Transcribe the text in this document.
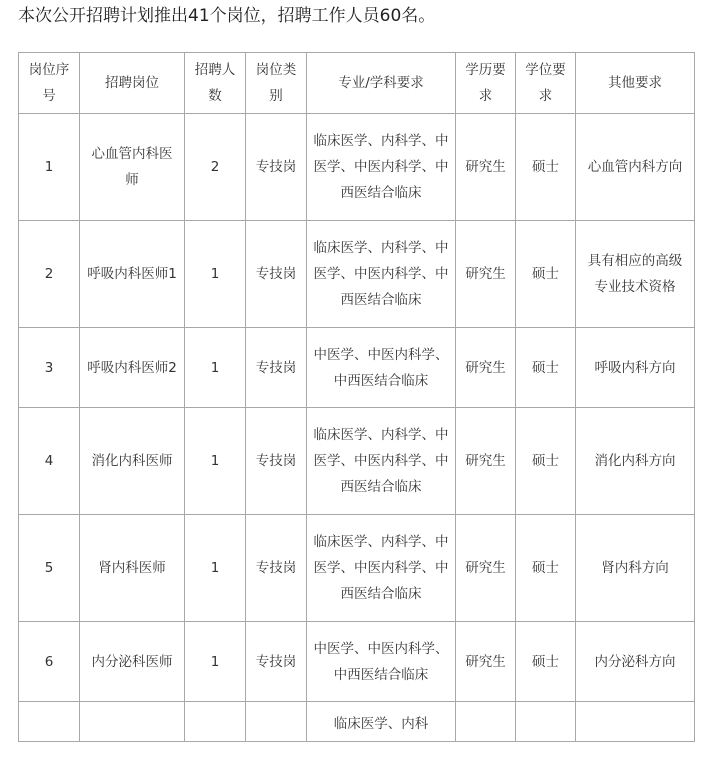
本次公开招聘计划推出41个岗位，招聘工作人员60名。
岗位序号	招聘岗位	招聘人数	岗位类别	专业/学科要求	学历要求	学位要求	其他要求
1	心血管内科医师	2	专技岗	临床医学、内科学、中医学、中医内科学、中西医结合临床	研究生	硕士	心血管内科方向
2	呼吸内科医师1	1	专技岗	临床医学、内科学、中医学、中医内科学、中西医结合临床	研究生	硕士	具有相应的高级专业技术资格
3	呼吸内科医师2	1	专技岗	中医学、中医内科学、中西医结合临床	研究生	硕士	呼吸内科方向
4	消化内科医师	1	专技岗	临床医学、内科学、中医学、中医内科学、中西医结合临床	研究生	硕士	消化内科方向
5	肾内科医师	1	专技岗	临床医学、内科学、中医学、中医内科学、中西医结合临床	研究生	硕士	肾内科方向
6	内分泌科医师	1	专技岗	中医学、中医内科学、中西医结合临床	研究生	硕士	内分泌科方向
				临床医学、内科			
